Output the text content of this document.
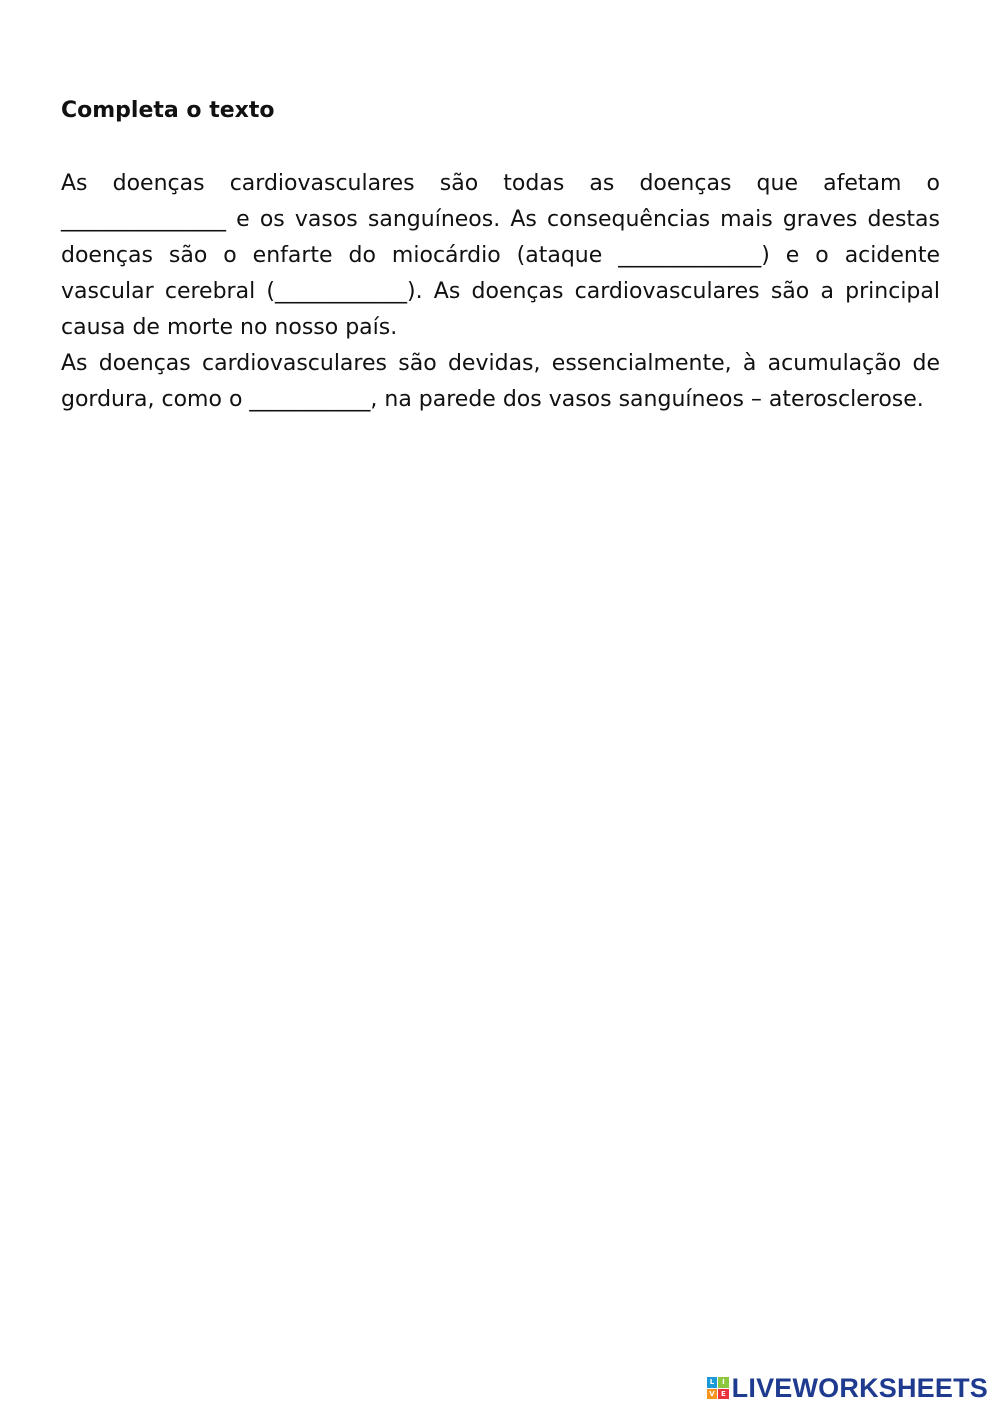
Completa o texto

As doenças cardiovasculares são todas as doenças que afetam o _______________ e os vasos sanguíneos. As consequências mais graves destas doenças são o enfarte do miocárdio (ataque _____________) e o acidente vascular cerebral (____________). As doenças cardiovasculares são a principal causa de morte no nosso país.

As doenças cardiovasculares são devidas, essencialmente, à acumulação de gordura, como o ___________, na parede dos vasos sanguíneos – aterosclerose.

L	I
V E LIVEWORKSHEETS
